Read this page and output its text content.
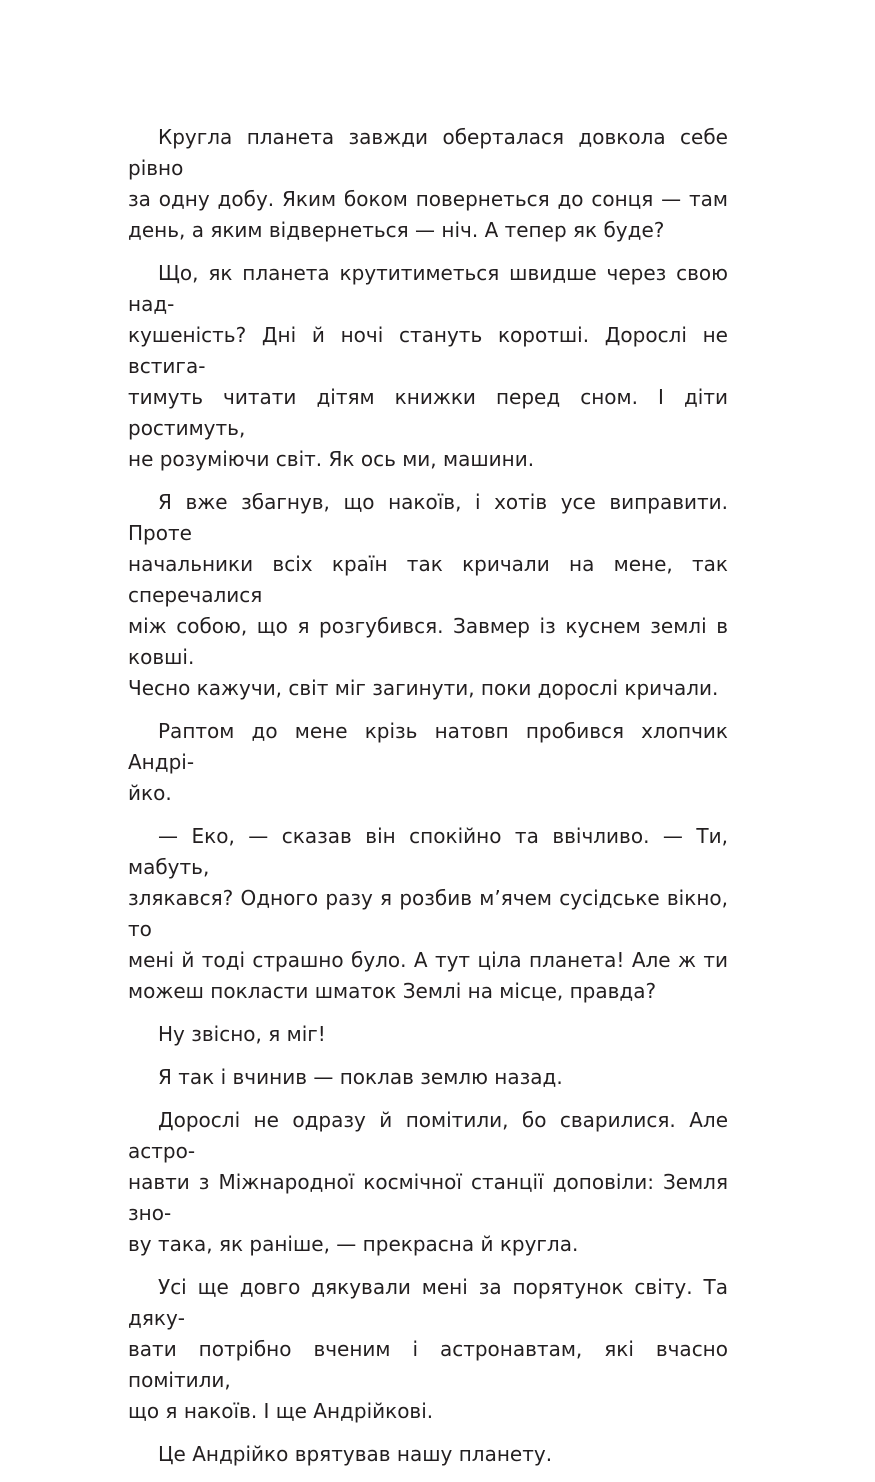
Кругла планета завжди оберталася довкола себе рівно
за одну добу. Яким боком повернеться до сонця — там
день, а яким відвернеться — ніч. А тепер як буде?

Що, як планета крутитиметься швидше через свою над-
кушеність? Дні й ночі стануть коротші. Дорослі не встига-
тимуть читати дітям книжки перед сном. І діти ростимуть,
не розуміючи світ. Як ось ми, машини.

Я вже збагнув, що накоїв, і хотів усе виправити. Проте
начальники всіх країн так кричали на мене, так сперечалися
між собою, що я розгубився. Завмер із куснем землі в ковші.
Чесно кажучи, світ міг загинути, поки дорослі кричали.

Раптом до мене крізь натовп пробився хлопчик Андрі-
йко.

— Еко, — сказав він спокійно та ввічливо. — Ти, мабуть,
злякався? Одного разу я розбив м’ячем сусідське вікно, то
мені й тоді страшно було. А тут ціла планета! Але ж ти
можеш покласти шматок Землі на місце, правда?

Ну звісно, я міг!

Я так і вчинив — поклав землю назад.

Дорослі не одразу й помітили, бо сварилися. Але астро-
навти з Міжнародної космічної станції доповіли: Земля зно-
ву така, як раніше, — прекрасна й кругла.

Усі ще довго дякували мені за порятунок світу. Та дяку-
вати потрібно вченим і астронавтам, які вчасно помітили,
що я накоїв. І ще Андрійкові.

Це Андрійко врятував нашу планету.
